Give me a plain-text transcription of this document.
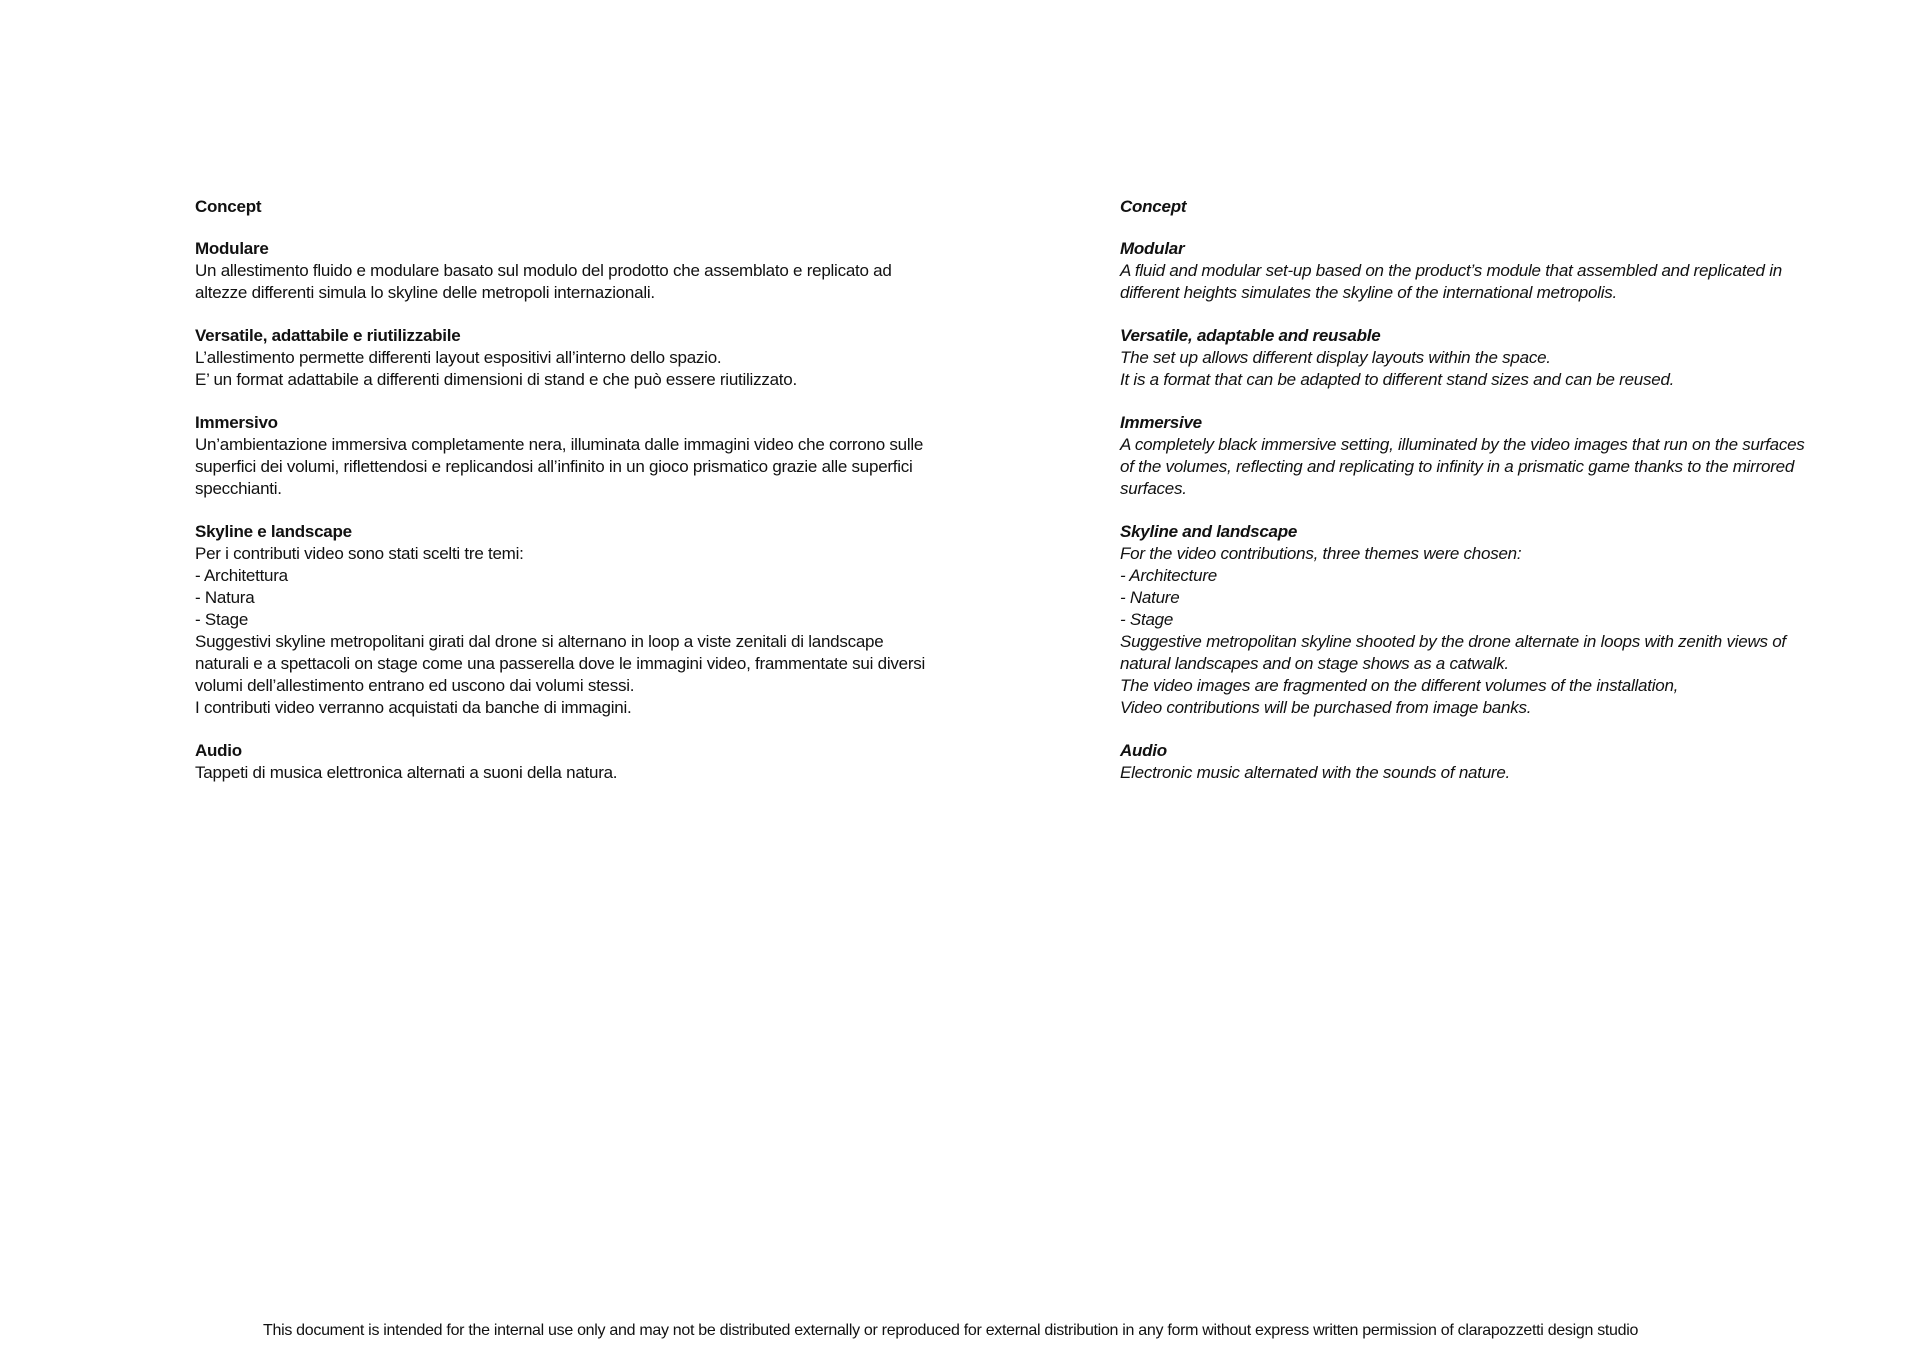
Concept

Modulare

Un allestimento fluido e modulare basato sul modulo del prodotto che assemblato e replicato ad

altezze differenti simula lo skyline delle metropoli internazionali.

Versatile, adattabile e riutilizzabile

L’allestimento permette differenti layout espositivi all’interno dello spazio.

E’ un format adattabile a differenti dimensioni di stand e che può essere riutilizzato.

Immersivo

Un’ambientazione immersiva completamente nera, illuminata dalle immagini video che corrono sulle

superfici dei volumi, riflettendosi e replicandosi all’infinito in un gioco prismatico grazie alle superfici

specchianti.

Skyline e landscape

Per i contributi video sono stati scelti tre temi:

- Architettura

- Natura

- Stage

Suggestivi skyline metropolitani girati dal drone si alternano in loop a viste zenitali di landscape

naturali e a spettacoli on stage come una passerella dove le immagini video, frammentate sui diversi

volumi dell’allestimento entrano ed uscono dai volumi stessi.

I contributi video verranno acquistati da banche di immagini.

Audio

Tappeti di musica elettronica alternati a suoni della natura.

Concept

Modular

A fluid and modular set-up based on the product’s module that assembled and replicated in

different heights simulates the skyline of the international metropolis.

Versatile, adaptable and reusable

The set up allows different display layouts within the space.

It is a format that can be adapted to different stand sizes and can be reused.

Immersive

A completely black immersive setting, illuminated by the video images that run on the surfaces

of the volumes, reflecting and replicating to infinity in a prismatic game thanks to the mirrored

surfaces.

Skyline and landscape

For the video contributions, three themes were chosen:

- Architecture

- Nature

- Stage

Suggestive metropolitan skyline shooted by the drone alternate in loops with zenith views of

natural landscapes and on stage shows as a catwalk.

The video images are fragmented on the different volumes of the installation,

Video contributions will be purchased from image banks.

Audio

Electronic music alternated with the sounds of nature.

This document is intended for the internal use only and may not be distributed externally or reproduced for external distribution in any form without express written permission of clarapozzetti design studio
